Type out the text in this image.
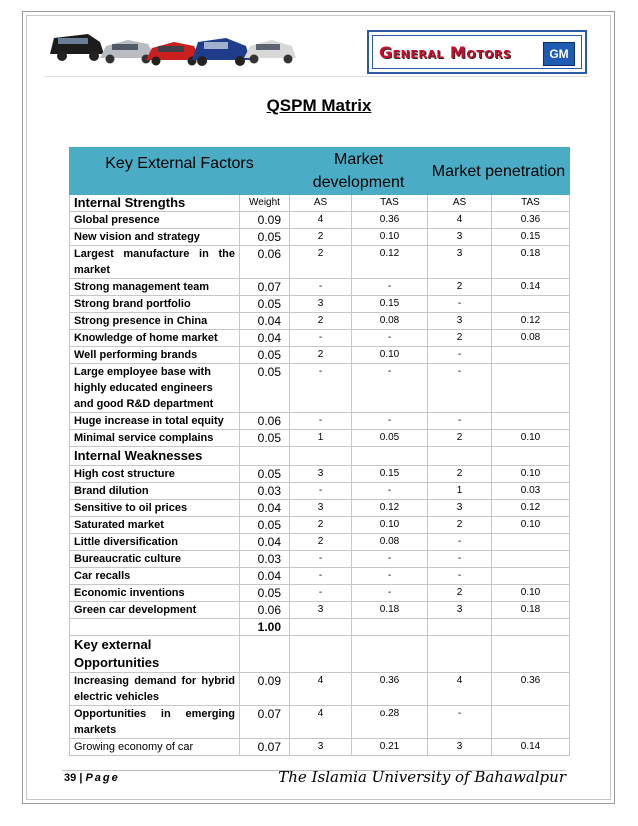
General Motors	GM
QSPM Matrix
Key External Factors		Market development		Market penetration	
Internal Strengths	Weight	AS	TAS	AS	TAS
Global presence	0.09	4	0.36	4	0.36
New vision and strategy	0.05	2	0.10	3	0.15
Largest manufacture in the market	0.06	2	0.12	3	0.18
Strong management team	0.07	-	-	2	0.14
Strong brand portfolio	0.05	3	0.15	-	
Strong presence in China	0.04	2	0.08	3	0.12
Knowledge of home market	0.04	-	-	2	0.08
Well performing brands	0.05	2	0.10	-	
Large employee base with highly educated engineers and good R&D department	0.05	-	-	-	
Huge increase in total equity	0.06	-	-	-	
Minimal service complains	0.05	1	0.05	2	0.10
Internal Weaknesses					
High cost structure	0.05	3	0.15	2	0.10
Brand dilution	0.03	-	-	1	0.03
Sensitive to oil prices	0.04	3	0.12	3	0.12
Saturated market	0.05	2	0.10	2	0.10
Little diversification	0.04	2	0.08	-	
Bureaucratic culture	0.03	-	-	-	
Car recalls	0.04	-	-	-	
Economic inventions	0.05	-	-	2	0.10
Green car development	0.06	3	0.18	3	0.18
	1.00				
Key external Opportunities					
Increasing demand for hybrid electric vehicles	0.09	4	0.36	4	0.36
Opportunities in emerging markets	0.07	4	o.28	-	
Growing economy of car	0.07	3	0.21	3	0.14
39 | Page	The Islamia University of Bahawalpur
